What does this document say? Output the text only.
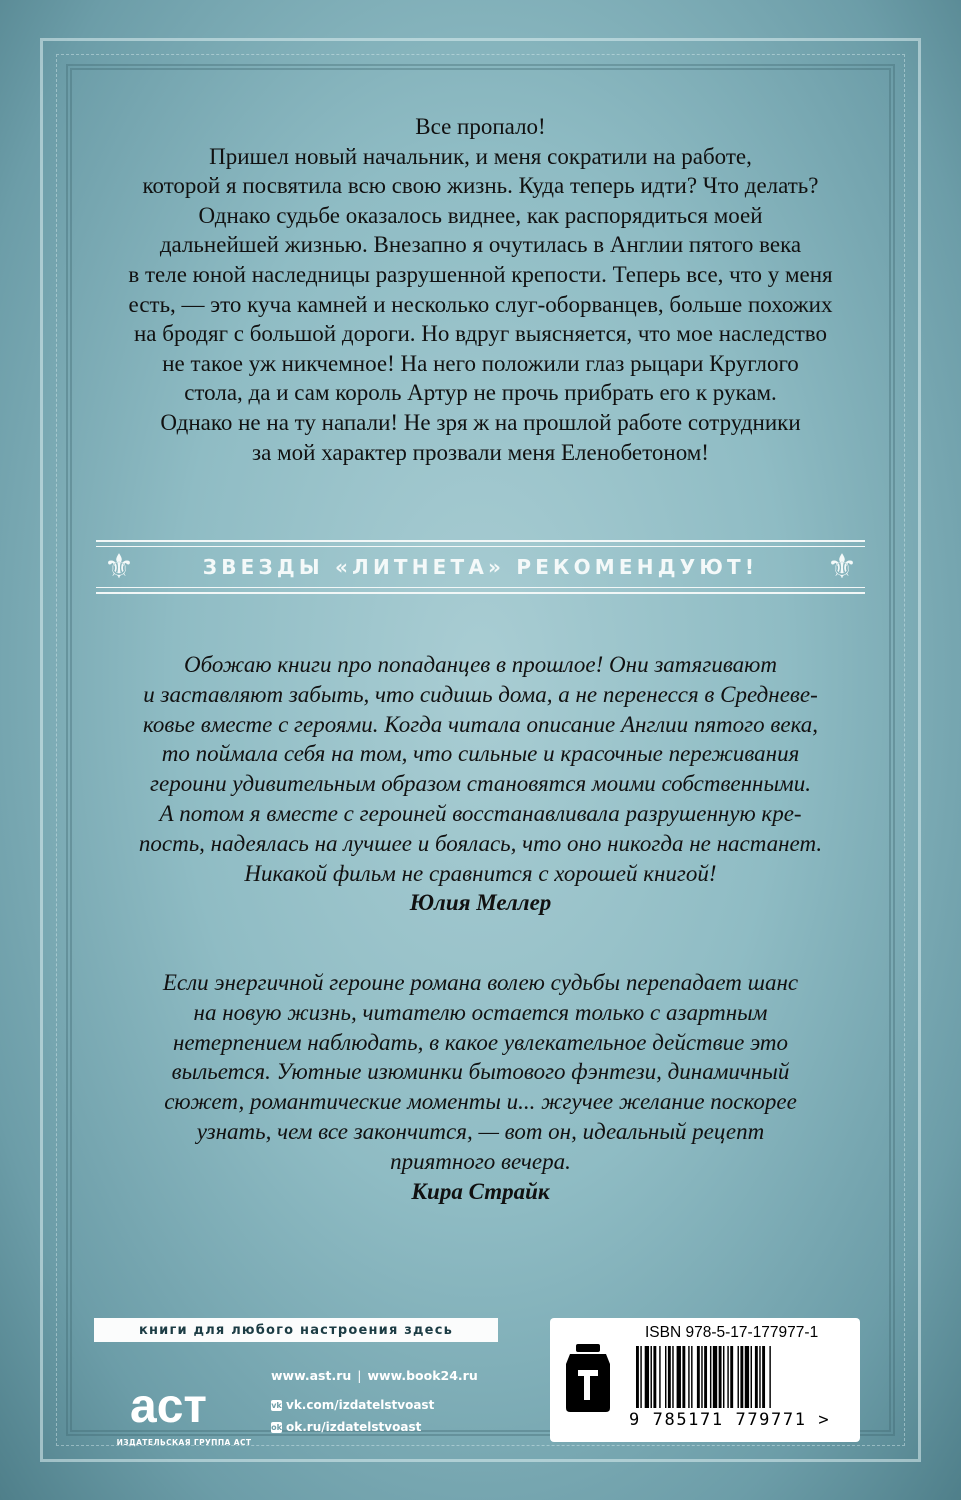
Все пропало!

Пришел новый начальник, и меня сократили на работе,

которой я посвятила всю свою жизнь. Куда теперь идти? Что делать?

Однако судьбе оказалось виднее, как распорядиться моей

дальнейшей жизнью. Внезапно я очутилась в Англии пятого века

в теле юной наследницы разрушенной крепости. Теперь все, что у меня

есть, — это куча камней и несколько слуг-оборванцев, больше похожих

на бродяг с большой дороги. Но вдруг выясняется, что мое наследство

не такое уж никчемное! На него положили глаз рыцари Круглого

стола, да и сам король Артур не прочь прибрать его к рукам.

Однако не на ту напали! Не зря ж на прошлой работе сотрудники

за мой характер прозвали меня Еленобетоном!

⚜	ЗВЕЗДЫ «ЛИТНЕТА» РЕКОМЕНДУЮТ! ⚜

Обожаю книги про попаданцев в прошлое! Они затягивают

и заставляют забыть, что сидишь дома, а не перенесся в Средневе-

ковье вместе с героями. Когда читала описание Англии пятого века,

то поймала себя на том, что сильные и красочные переживания

героини удивительным образом становятся моими собственными.

А потом я вместе с героиней восстанавливала разрушенную кре-

пость, надеялась на лучшее и боялась, что оно никогда не настанет.

Никакой фильм не сравнится с хорошей книгой!

Юлия Меллер

Если энергичной героине романа волею судьбы перепадает шанс

на новую жизнь, читателю остается только с азартным

нетерпением наблюдать, в какое увлекательное действие это

выльется. Уютные изюминки бытового фэнтези, динамичный

сюжет, романтические моменты и... жгучее желание поскорее

узнать, чем все закончится, — вот он, идеальный рецепт

приятного вечера.

Кира Страйк

книги для любого настроения здесь
аст
ИЗДАТЕЛЬСКАЯ ГРУППА АСТ
www.ast.ru | www.book24.ru
vk vk.com/izdatelstvoast
ok ok.ru/izdatelstvoast
ISBN 978-5-17-177977-1
9 785171 779771 >
